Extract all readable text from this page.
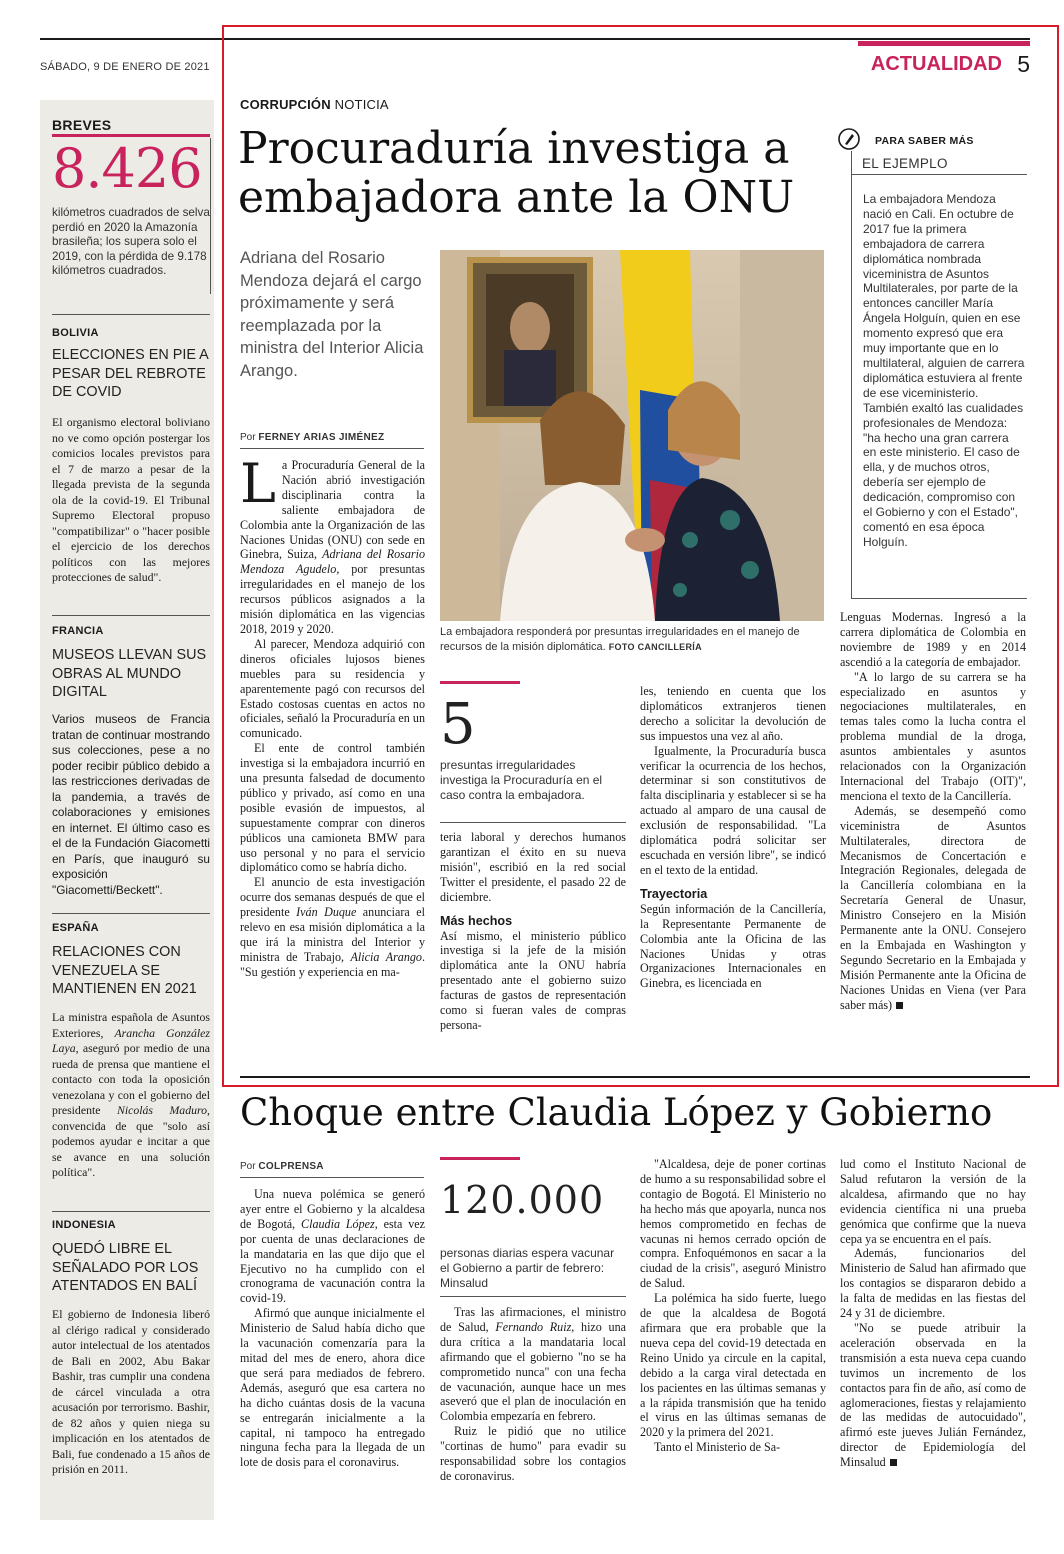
SÁBADO, 9 DE ENERO DE 2021	ACTUALIDAD 5
BREVES
8.426
kilómetros cuadrados de selva perdió en 2020 la Amazonía brasileña; los supera solo el 2019, con la pérdida de 9.178 kilómetros cuadrados.
BOLIVIA
ELECCIONES EN PIE A PESAR DEL REBROTE DE COVID
El organismo electoral boliviano no ve como opción postergar los comicios locales previstos para el 7 de marzo a pesar de la llegada prevista de la segunda ola de la covid-19. El Tribunal Supremo Electoral propuso "compatibilizar" o "hacer posible el ejercicio de los derechos políticos con las mejores protecciones de salud".
FRANCIA
MUSEOS LLEVAN SUS OBRAS AL MUNDO DIGITAL
Varios museos de Francia tratan de continuar mostrando sus colecciones, pese a no poder recibir público debido a las restricciones derivadas de la pandemia, a través de colaboraciones y emisiones en internet. El último caso es el de la Fundación Giacometti en París, que inauguró su exposición "Giacometti/Beckett".
ESPAÑA
RELACIONES CON VENEZUELA SE MANTIENEN EN 2021
La ministra española de Asuntos Exteriores, Arancha González Laya, aseguró por medio de una rueda de prensa que mantiene el contacto con toda la oposición venezolana y con el gobierno del presidente Nicolás Maduro, convencida de que "solo así podemos ayudar e incitar a que se avance en una solución política".
INDONESIA
QUEDÓ LIBRE EL SEÑALADO POR LOS ATENTADOS EN BALÍ
El gobierno de Indonesia liberó al clérigo radical y considerado autor intelectual de los atentados de Bali en 2002, Abu Bakar Bashir, tras cumplir una condena de cárcel vinculada a otra acusación por terrorismo. Bashir, de 82 años y quien niega su implicación en los atentados de Bali, fue condenado a 15 años de prisión en 2011.
CORRUPCIÓN NOTICIA
Procuraduría investiga a embajadora ante la ONU
Adriana del Rosario Mendoza dejará el cargo próximamente y será reemplazada por la ministra del Interior Alicia Arango.
Por FERNEY ARIAS JIMÉNEZ

La Procuraduría General de la Nación abrió investigación disciplinaria contra la saliente embajadora de Colombia ante la Organización de las Naciones Unidas (ONU) con sede en Ginebra, Suiza, Adriana del Rosario Mendoza Agudelo, por presuntas irregularidades en el manejo de los recursos públicos asignados a la misión diplomática en las vigencias 2018, 2019 y 2020.

Al parecer, Mendoza adquirió con dineros oficiales lujosos bienes muebles para su residencia y aparentemente pagó con recursos del Estado costosas cuentas en actos no oficiales, señaló la Procuraduría en un comunicado.

El ente de control también investiga si la embajadora incurrió en una presunta falsedad de documento público y privado, así como en una posible evasión de impuestos, al supuestamente comprar con dineros públicos una camioneta BMW para uso personal y no para el servicio diplomático como se habría dicho.

El anuncio de esta investigación ocurre dos semanas después de que el presidente Iván Duque anunciara el relevo en esa misión diplomática a la que irá la ministra del Interior y ministra de Trabajo, Alicia Arango. "Su gestión y experiencia en ma-

La embajadora responderá por presuntas irregularidades en el manejo de recursos de la misión diplomática. FOTO CANCILLERÍA
5
presuntas irregularidades investiga la Procuraduría en el caso contra la embajadora.

teria laboral y derechos humanos garantizan el éxito en su nueva misión", escribió en la red social Twitter el presidente, el pasado 22 de diciembre.

Más hechos

Así mismo, el ministerio público investiga si la jefe de la misión diplomática ante la ONU habría presentado ante el gobierno suizo facturas de gastos de representación como si fueran vales de compras persona-

les, teniendo en cuenta que los diplomáticos extranjeros tienen derecho a solicitar la devolución de sus impuestos una vez al año.

Igualmente, la Procuraduría busca verificar la ocurrencia de los hechos, determinar si son constitutivos de falta disciplinaria y establecer si se ha actuado al amparo de una causal de exclusión de responsabilidad. "La diplomática podrá solicitar ser escuchada en versión libre", se indicó en el texto de la entidad.

Trayectoria

Según información de la Cancillería, la Representante Permanente de Colombia ante la Oficina de las Naciones Unidas y otras Organizaciones Internacionales en Ginebra, es licenciada en

PARA SABER MÁS
EL EJEMPLO
La embajadora Mendoza nació en Cali. En octubre de 2017 fue la primera embajadora de carrera diplomática nombrada viceministra de Asuntos Multilaterales, por parte de la entonces canciller María Ángela Holguín, quien en ese momento expresó que era muy importante que en lo multilateral, alguien de carrera diplomática estuviera al frente de ese viceministerio. También exaltó las cualidades profesionales de Mendoza: "ha hecho una gran carrera en este ministerio. El caso de ella, y de muchos otros, debería ser ejemplo de dedicación, compromiso con el Gobierno y con el Estado", comentó en esa época Holguín.

Lenguas Modernas. Ingresó a la carrera diplomática de Colombia en noviembre de 1989 y en 2014 ascendió a la categoría de embajador.

"A lo largo de su carrera se ha especializado en asuntos y negociaciones multilaterales, en temas tales como la lucha contra el problema mundial de la droga, asuntos ambientales y asuntos relacionados con la Organización Internacional del Trabajo (OIT)", menciona el texto de la Cancillería.

Además, se desempeñó como viceministra de Asuntos Multilaterales, directora de Mecanismos de Concertación e Integración Regionales, delegada de la Cancillería colombiana en la Secretaría General de Unasur, Ministro Consejero en la Misión Permanente ante la ONU. Consejero en la Embajada en Washington y Segundo Secretario en la Embajada y Misión Permanente ante la Oficina de Naciones Unidas en Viena (ver Para saber más)

Choque entre Claudia López y Gobierno
Por COLPRENSA

Una nueva polémica se generó ayer entre el Gobierno y la alcaldesa de Bogotá, Claudia López, esta vez por cuenta de unas declaraciones de la mandataria en las que dijo que el Ejecutivo no ha cumplido con el cronograma de vacunación contra la covid-19.

Afirmó que aunque inicialmente el Ministerio de Salud había dicho que la vacunación comenzaría para la mitad del mes de enero, ahora dice que será para mediados de febrero. Además, aseguró que esa cartera no ha dicho cuántas dosis de la vacuna se entregarán inicialmente a la capital, ni tampoco ha entregado ninguna fecha para la llegada de un lote de dosis para el coronavirus.

120.000
personas diarias espera vacunar el Gobierno a partir de febrero: Minsalud

Tras las afirmaciones, el ministro de Salud, Fernando Ruiz, hizo una dura crítica a la mandataria local afirmando que el gobierno "no se ha comprometido nunca" con una fecha de vacunación, aunque hace un mes aseveró que el plan de inoculación en Colombia empezaría en febrero.

Ruiz le pidió que no utilice "cortinas de humo" para evadir su responsabilidad sobre los contagios de coronavirus.

"Alcaldesa, deje de poner cortinas de humo a su responsabilidad sobre el contagio de Bogotá. El Ministerio no ha hecho más que apoyarla, nunca nos hemos comprometido en fechas de vacunas ni hemos cerrado opción de compra. Enfoquémonos en sacar a la ciudad de la crisis", aseguró Ministro de Salud.

La polémica ha sido fuerte, luego de que la alcaldesa de Bogotá afirmara que era probable que la nueva cepa del covid-19 detectada en Reino Unido ya circule en la capital, debido a la carga viral detectada en los pacientes en las últimas semanas y a la rápida transmisión que ha tenido el virus en las últimas semanas de 2020 y la primera del 2021.

Tanto el Ministerio de Sa-

lud como el Instituto Nacional de Salud refutaron la versión de la alcaldesa, afirmando que no hay evidencia científica ni una prueba genómica que confirme que la nueva cepa ya se encuentra en el país.

Además, funcionarios del Ministerio de Salud han afirmado que los contagios se dispararon debido a la falta de medidas en las fiestas del 24 y 31 de diciembre.

"No se puede atribuir la aceleración observada en la transmisión a esta nueva cepa cuando tuvimos un incremento de los contactos para fin de año, así como de aglomeraciones, fiestas y relajamiento de las medidas de autocuidado", afirmó este jueves Julián Fernández, director de Epidemiología del Minsalud
